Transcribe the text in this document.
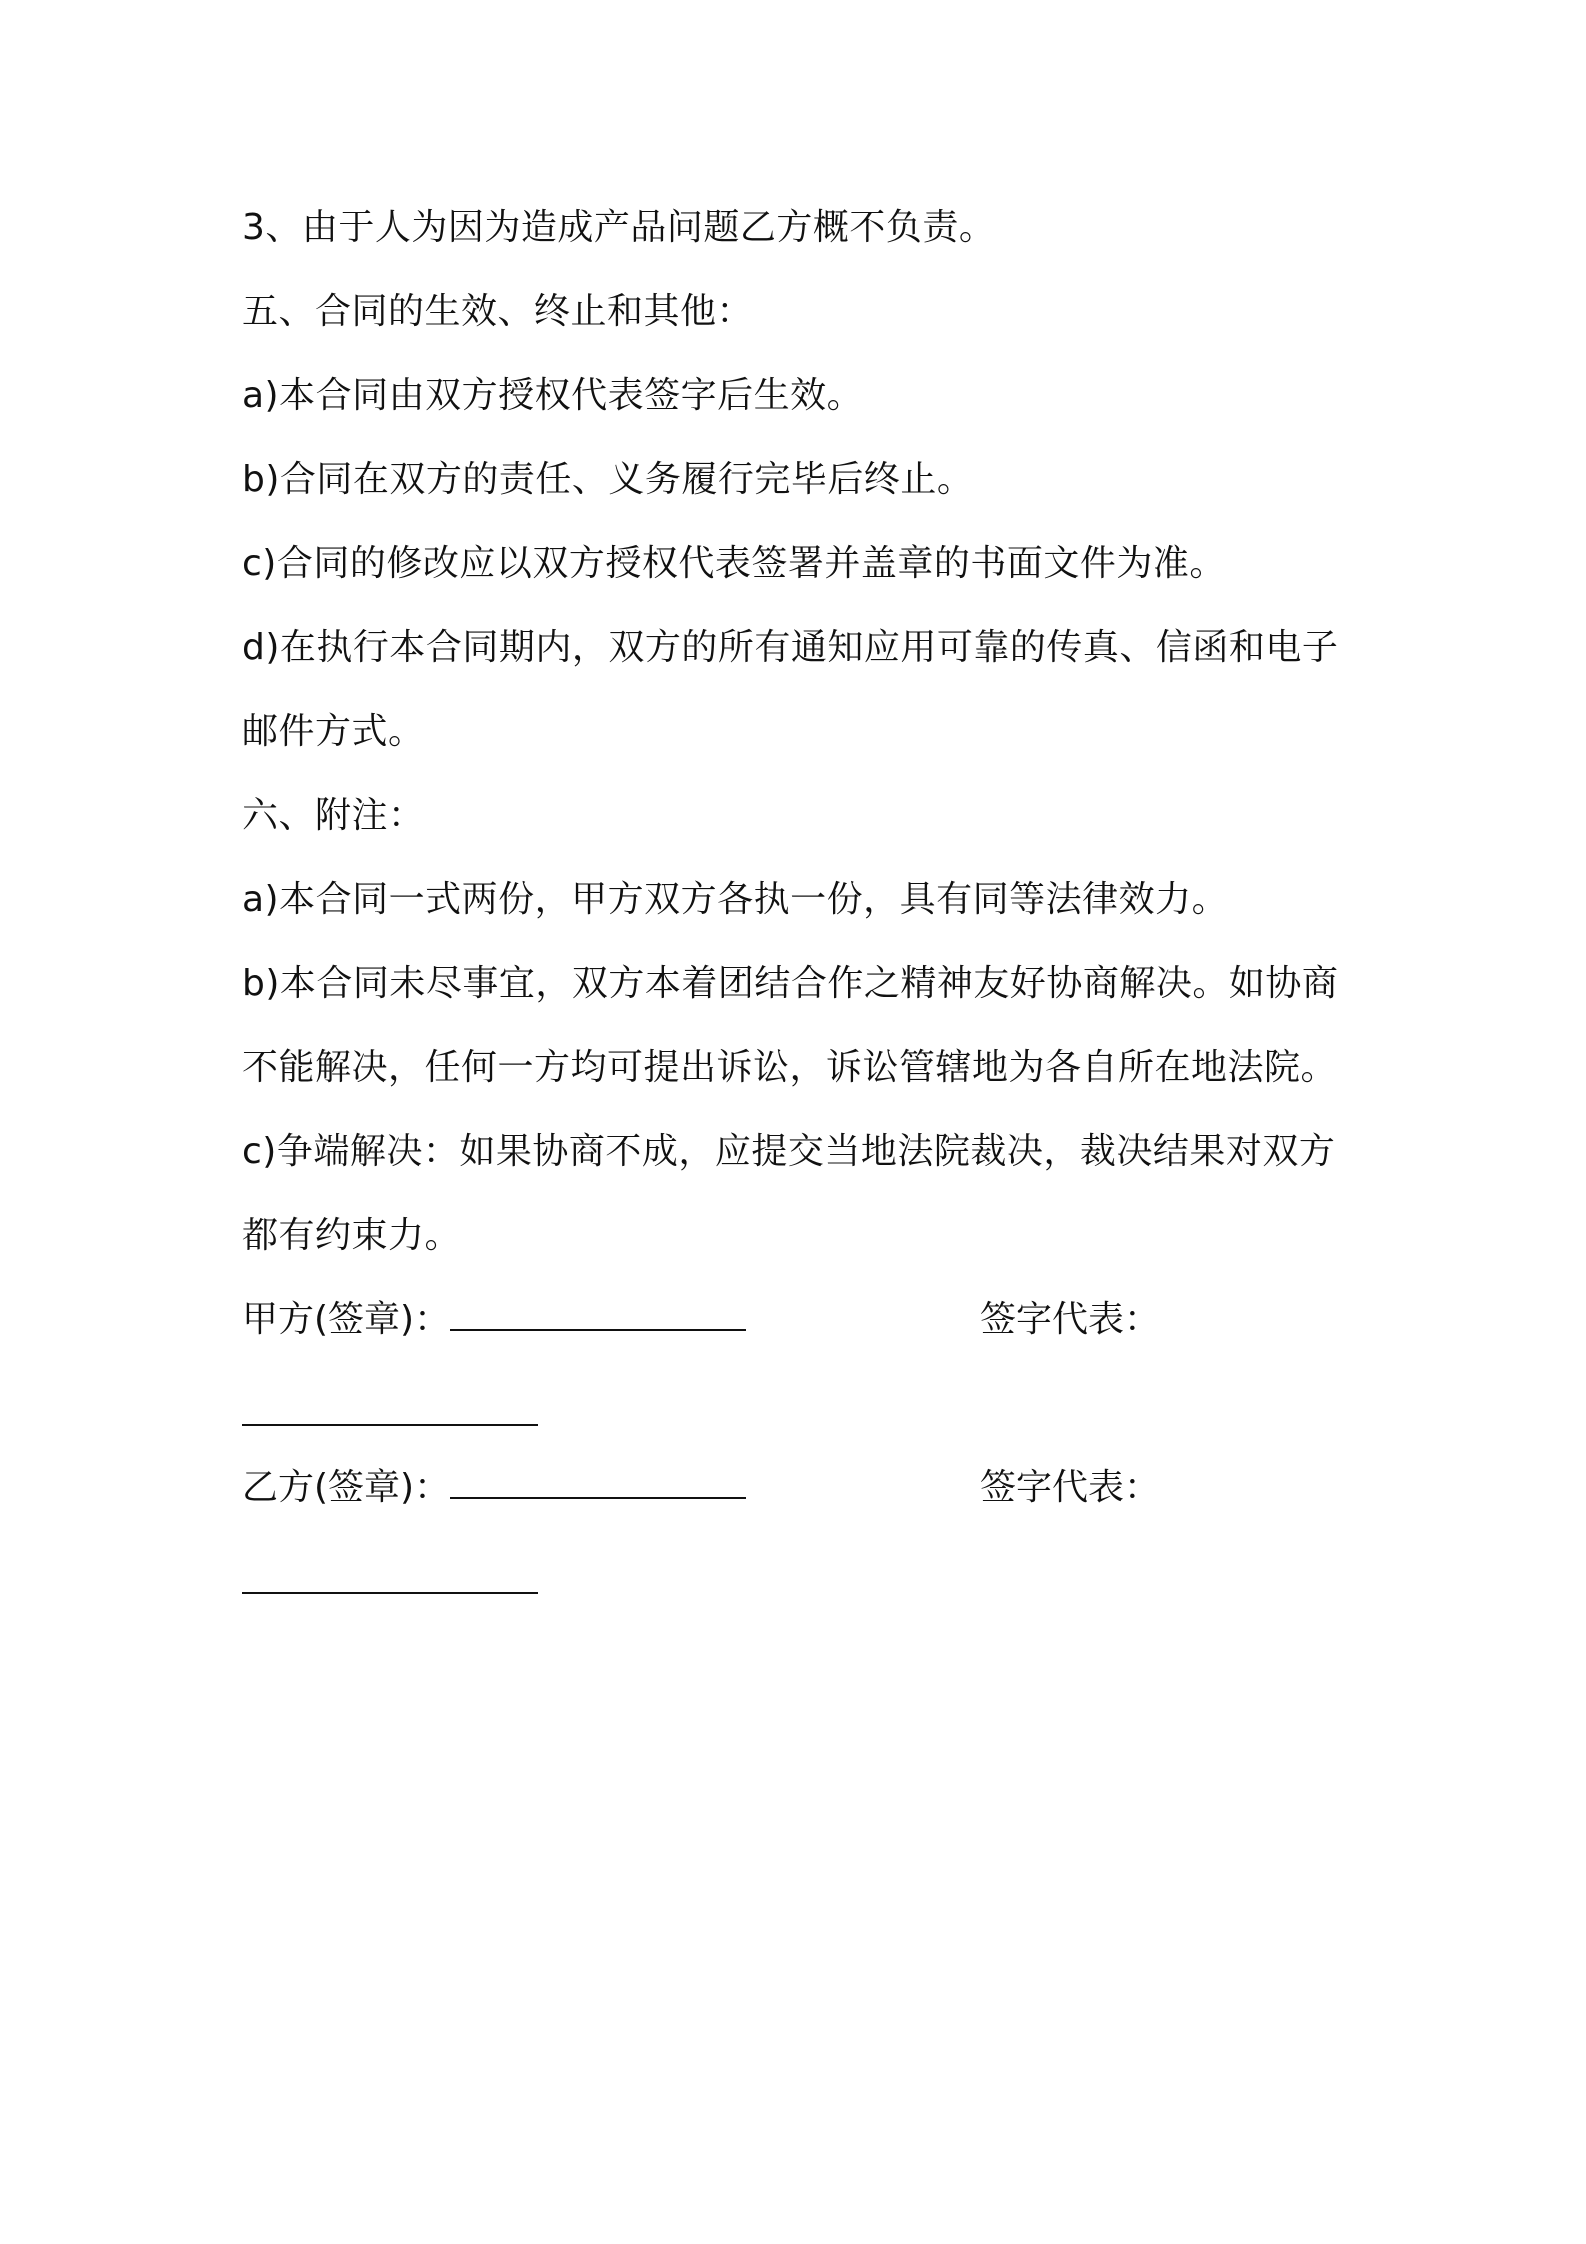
3、由于人为因为造成产品问题乙方概不负责。
五、合同的生效、终止和其他：
a)本合同由双方授权代表签字后生效。
b)合同在双方的责任、义务履行完毕后终止。
c)合同的修改应以双方授权代表签署并盖章的书面文件为准。
d)在执行本合同期内，双方的所有通知应用可靠的传真、信函和电子邮件方式。
六、附注：
a)本合同一式两份，甲方双方各执一份，具有同等法律效力。
b)本合同未尽事宜，双方本着团结合作之精神友好协商解决。如协商不能解决，任何一方均可提出诉讼，诉讼管辖地为各自所在地法院。
c)争端解决：如果协商不成，应提交当地法院裁决，裁决结果对双方都有约束力。
甲方(签章)：	签字代表：
乙方(签章)：	签字代表：
